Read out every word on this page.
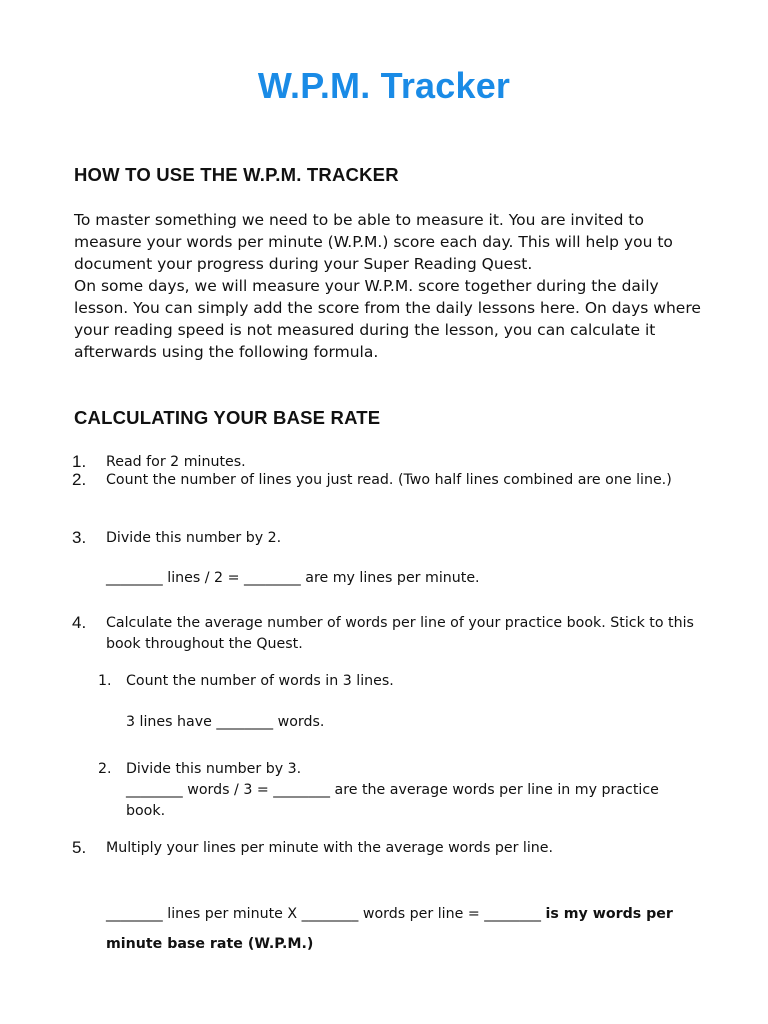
W.P.M. Tracker
HOW TO USE THE W.P.M. TRACKER

To master something we need to be able to measure it. You are invited to measure your words per minute (W.P.M.) score each day. This will help you to document your progress during your Super Reading Quest.

On some days, we will measure your W.P.M. score together during the daily lesson. You can simply add the score from the daily lessons here. On days where your reading speed is not measured during the lesson, you can calculate it afterwards using the following formula.

CALCULATING YOUR BASE RATE
1. Read for 2 minutes.
2. Count the number of lines you just read. (Two half lines combined are one line.)
3. Divide this number by 2.
________ lines / 2 = ________ are my lines per minute.
4. Calculate the average number of words per line of your practice book. Stick to this book throughout the Quest.
1. Count the number of words in 3 lines.
3 lines have ________ words.
2. Divide this number by 3.
________ words / 3 = ________ are the average words per line in my practice book.
5. Multiply your lines per minute with the average words per line.
________ lines per minute X ________ words per line = ________ is my words per minute base rate (W.P.M.)
